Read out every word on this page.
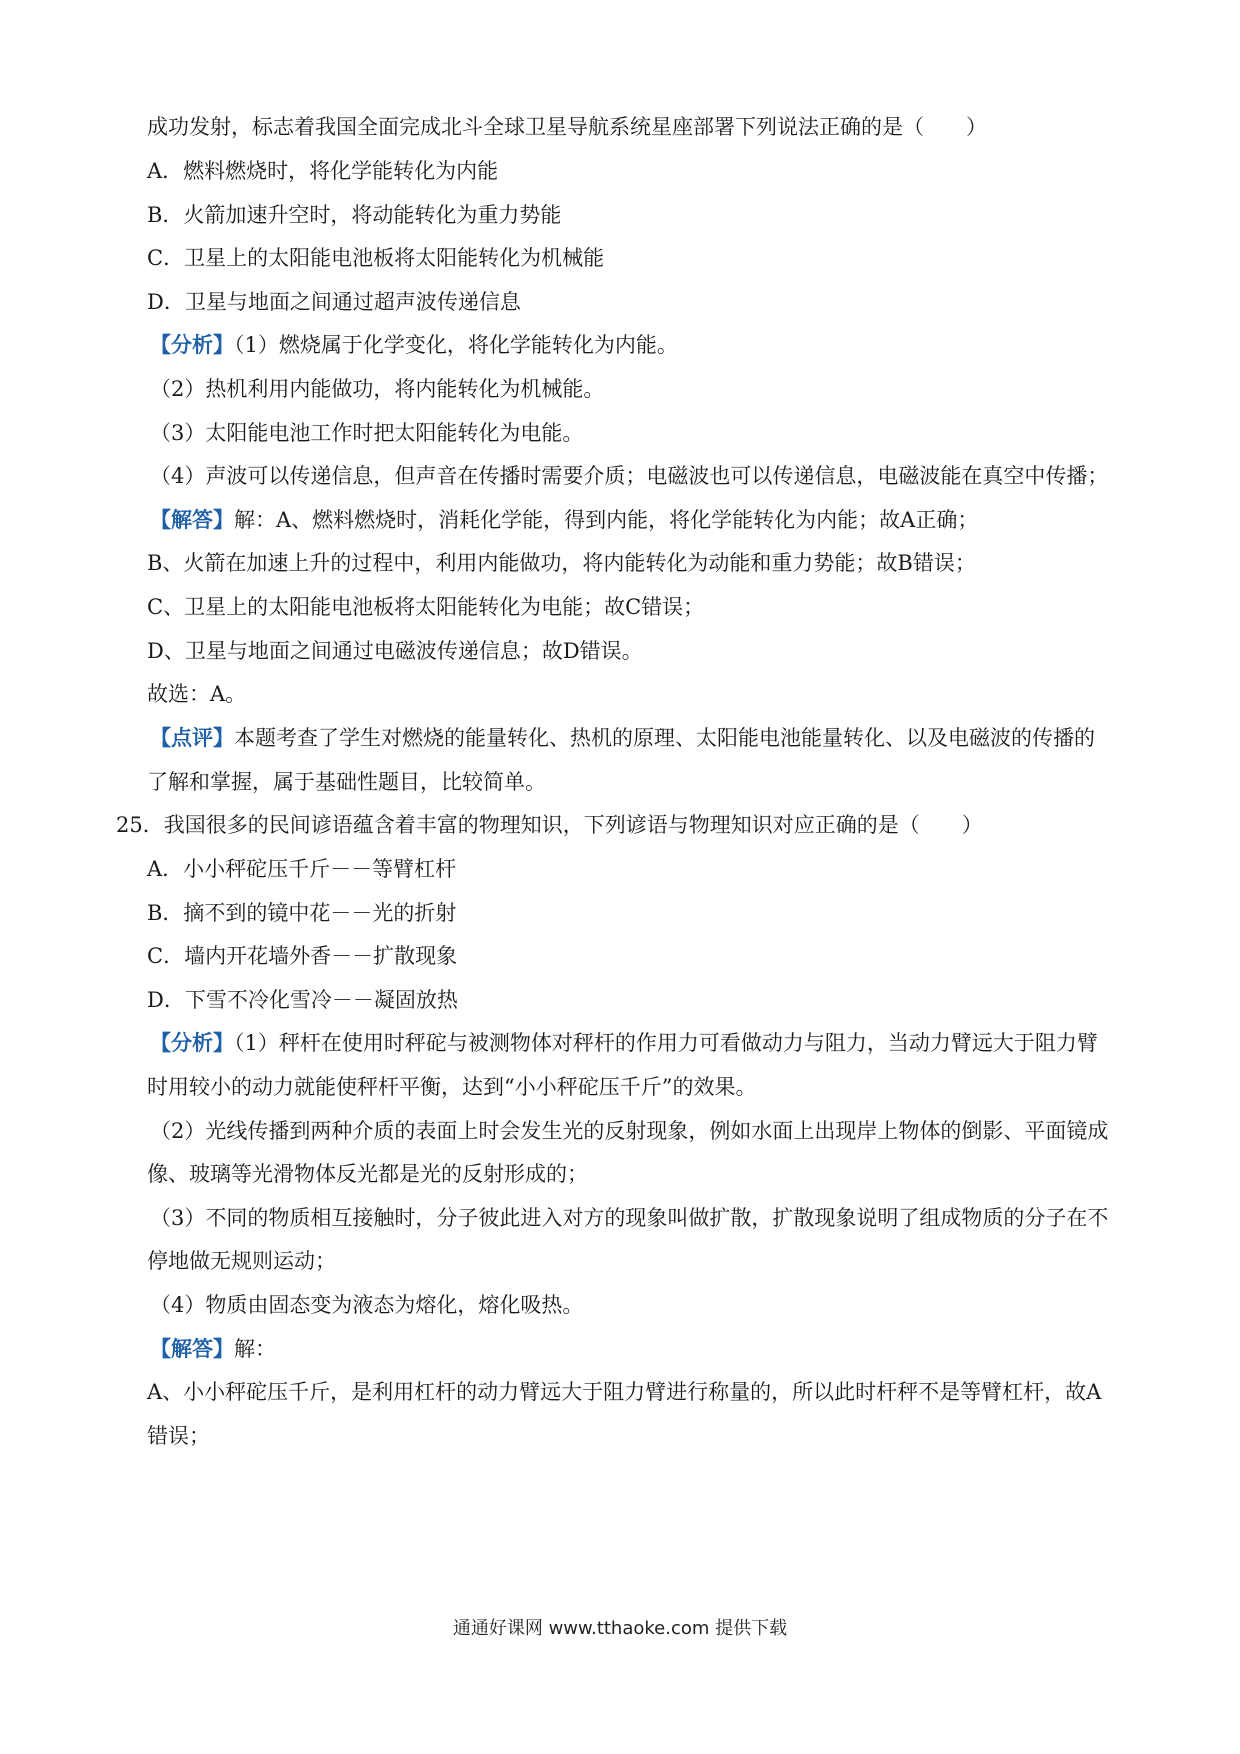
成功发射，标志着我国全面完成北斗全球卫星导航系统星座部署下列说法正确的是（　　）
A．燃料燃烧时，将化学能转化为内能
B．火箭加速升空时，将动能转化为重力势能
C．卫星上的太阳能电池板将太阳能转化为机械能
D．卫星与地面之间通过超声波传递信息
【分析】（1）燃烧属于化学变化，将化学能转化为内能。
（2）热机利用内能做功，将内能转化为机械能。
（3）太阳能电池工作时把太阳能转化为电能。
（4）声波可以传递信息，但声音在传播时需要介质；电磁波也可以传递信息，电磁波能在真空中传播；
【解答】解：A、燃料燃烧时，消耗化学能，得到内能，将化学能转化为内能；故A正确；
B、火箭在加速上升的过程中，利用内能做功，将内能转化为动能和重力势能；故B错误；
C、卫星上的太阳能电池板将太阳能转化为电能；故C错误；
D、卫星与地面之间通过电磁波传递信息；故D错误。
故选：A。
【点评】本题考查了学生对燃烧的能量转化、热机的原理、太阳能电池能量转化、以及电磁波的传播的
了解和掌握，属于基础性题目，比较简单。
25．我国很多的民间谚语蕴含着丰富的物理知识，下列谚语与物理知识对应正确的是（　　）
A．小小秤砣压千斤－－等臂杠杆
B．摘不到的镜中花－－光的折射
C．墙内开花墙外香－－扩散现象
D．下雪不冷化雪冷－－凝固放热
【分析】（1）秤杆在使用时秤砣与被测物体对秤杆的作用力可看做动力与阻力，当动力臂远大于阻力臂
时用较小的动力就能使秤杆平衡，达到“小小秤砣压千斤”的效果。
（2）光线传播到两种介质的表面上时会发生光的反射现象，例如水面上出现岸上物体的倒影、平面镜成
像、玻璃等光滑物体反光都是光的反射形成的；
（3）不同的物质相互接触时，分子彼此进入对方的现象叫做扩散，扩散现象说明了组成物质的分子在不
停地做无规则运动；
（4）物质由固态变为液态为熔化，熔化吸热。
【解答】解：
A、小小秤砣压千斤，是利用杠杆的动力臂远大于阻力臂进行称量的，所以此时杆秤不是等臂杠杆，故A
错误；
通通好课网 www.tthaoke.com 提供下载
